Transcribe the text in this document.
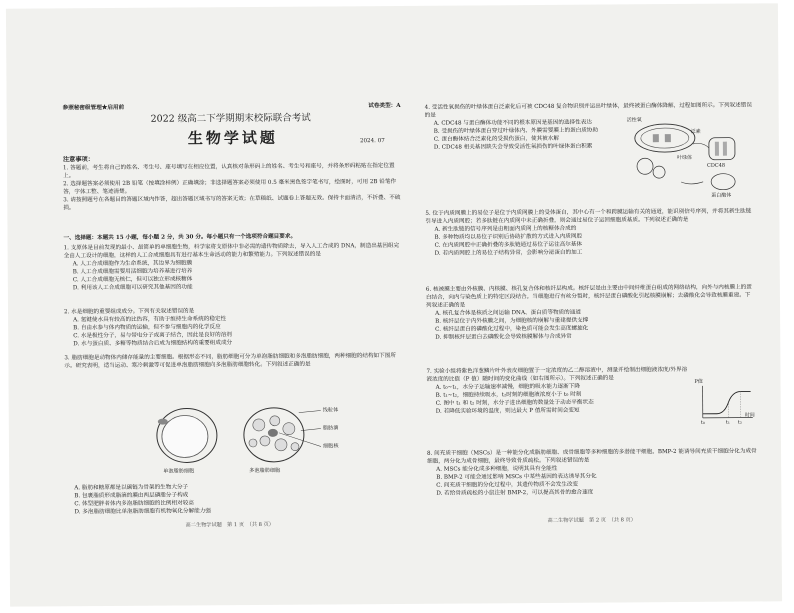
参照秘密级管理★启用前	试卷类型：A
2022 级高二下学期期末校际联合考试
生物学试题	2024. 07
注意事项：

1. 答题前，考生将自己的姓名、考生号、座号填写在相应位置，认真核对条形码上的姓名、考生号和座号，并将条形码粘贴在指定位置上。

2. 选择题答案必须使用 2B 铅笔（按填涂样例）正确填涂；非选择题答案必须使用 0.5 毫米黑色签字笔书写，绘图时，可用 2B 铅笔作答，字体工整、笔迹清楚。

3. 请按照题号在各题目的答题区域内作答，超出答题区域书写的答案无效；在草稿纸、试题卷上答题无效。保持卡面清洁，不折叠、不破损。

一、选择题：本题共 15 小题，每小题 2 分，共 30 分。每小题只有一个选项符合题目要求。

1. 支原体是目前发现的最小、最简单的单细胞生物，科学家将支原体中非必需的遗传物质除去，导入人工合成的 DNA，制造出基因组完全由人工设计的细胞，这样的人工合成细胞具有进行基本生命活动的能力和繁殖能力。下列叙述错误的是

A. 人工合成细胞作为生命系统，其边界为细胞膜

B. 人工合成细胞需要用活细胞为培养基进行培养

C. 人工合成细胞无核仁，但可以独立形成核糖体

D. 利用该人工合成细胞可以研究其他基因的功能

2. 水是细胞的重要组成成分。下列有关叙述错误的是

A. 氢键使水具有较高的比热容，有助于维持生命系统的稳定性

B. 自由水参与体内物质的运输，但不参与细胞内的化学反应

C. 水是极性分子，易与带电分子或离子结合，因此是良好的溶剂

D. 水与蛋白质、多糖等物质结合后成为细胞结构的重要组成成分

3. 脂肪细胞是动物体内储存能量的主要细胞。根据形态不同，脂肪细胞可分为单泡脂肪细胞和多泡脂肪细胞，两种细胞的结构如下图所示。研究表明，适当运动、寒冷刺激等可促进单泡脂肪细胞向多泡脂肪细胞转化。下列叙述正确的是

线粒体
脂肪滴
细胞核
单泡脂肪细胞	多泡脂肪细胞

A. 脂肪和糖原都是以碳链为骨架的生物大分子

B. 包裹脂质形成脂滴的膜由两层磷脂分子构成

C. 体型肥胖者体内多泡脂肪细胞的比例相对较高

D. 多泡脂肪细胞比单泡脂肪细胞有机物氧化分解能力强

高二生物学试题　第 1 页　（共 8 页）

4. 受活性氧损伤的叶绿体蛋白泛素化后可被 CDC48 复合物识别并运出叶绿体，最终被蛋白酶体降解，过程如图所示。下列叙述错误的是

A. CDC48 与蛋白酶体功能不同的根本原因是基因的选择性表达

B. 受损伤的叶绿体蛋白穿过叶绿体内、外膜需要膜上的蛋白质协助

C. 蛋白酶体结合泛素化的受损伤蛋白，使其被水解

D. CDC48 相关基因缺失会导致受活性氧损伤的叶绿体蛋白积累

活性氧
叶绿体
泛素
CDC48
蛋白酶体

5. 位于内质网膜上的易位子是位于内质网膜上的受体蛋白，其中心有一个和跨膜运输有关的通道，能识别信号序列，并将其新生肽链引导进入内质网腔；若多肽链在内质网中未正确折叠，则会通过易位子运回细胞质基质。下列叙述正确的是

A. 新生肽链的信号序列是由粗面内质网上的核糖体合成的

B. 多种物质均以易位子识别后协助扩散的方式进入内质网腔

C. 在内质网腔中正确折叠的多肽链通过易位子运往高尔基体

D. 若内质网腔上的易位子结构异常，会影响分泌蛋白的加工

6. 核被膜主要由外核膜、内核膜、核孔复合体和核纤层构成。核纤层是由主要由中间纤维蛋白组成的网络结构，向外与内核膜上的蛋白结合，向内与染色质上的特定区段结合。当细胞进行有丝分裂时，核纤层蛋白磷酸化引起核膜崩解；去磷酸化会导致核膜重建。下列叙述正确的是

A. 核孔复合体是核质之间运输 DNA、蛋白质等物质的通道

B. 核纤层位于内外核膜之间，为细胞核的崩解与重建提供支撑

C. 核纤层蛋白的磷酸化过程中，染色质可能会发生高度螺旋化

D. 抑制核纤层蛋白去磷酸化会导致核膜解体与合成异常

7. 实验小组将紫色洋葱鳞片叶外表皮细胞置于一定浓度的乙二醇溶液中，测量并绘制出细胞液浓度/外界溶液浓度的比值（P 值）随时间的变化曲线（如右图所示）。下列叙述正确的是

A. t₀~t₁，水分子运输速率减慢，细胞的吸水能力逐渐下降

B. t₁~t₂，细胞持续吸水，t₂时刻的细胞液浓度小于 t₀ 时刻

C. 图中 t₁ 和 t₂ 时刻，水分子进出细胞的数量处于动态平衡状态

D. 若降低实验环境的温度，则达最大 P 值所需时间会变短

P值
t₀	t₁ t₂
时间

8. 间充质干细胞（MSCs）是一种能分化成脂肪细胞、成骨细胞等多种细胞的多潜能干细胞。BMP-2 能诱导间充质干细胞分化为成骨细胞，两分化为成骨细胞，最终导致骨质疏松。下列叙述错误的是

A. MSCs 能分化成多种细胞，说明其具有全能性

B. BMP-2 可能会通过影响 MSCs 中某些基因的表达诱导其分化

C. 间充质干细胞的分化过程中，其遗传物质不会发生改变

D. 若给骨质疏松的小鼠注射 BMP-2，可以提高其骨的愈合速度

高二生物学试题　第 2 页　（共 8 页）
